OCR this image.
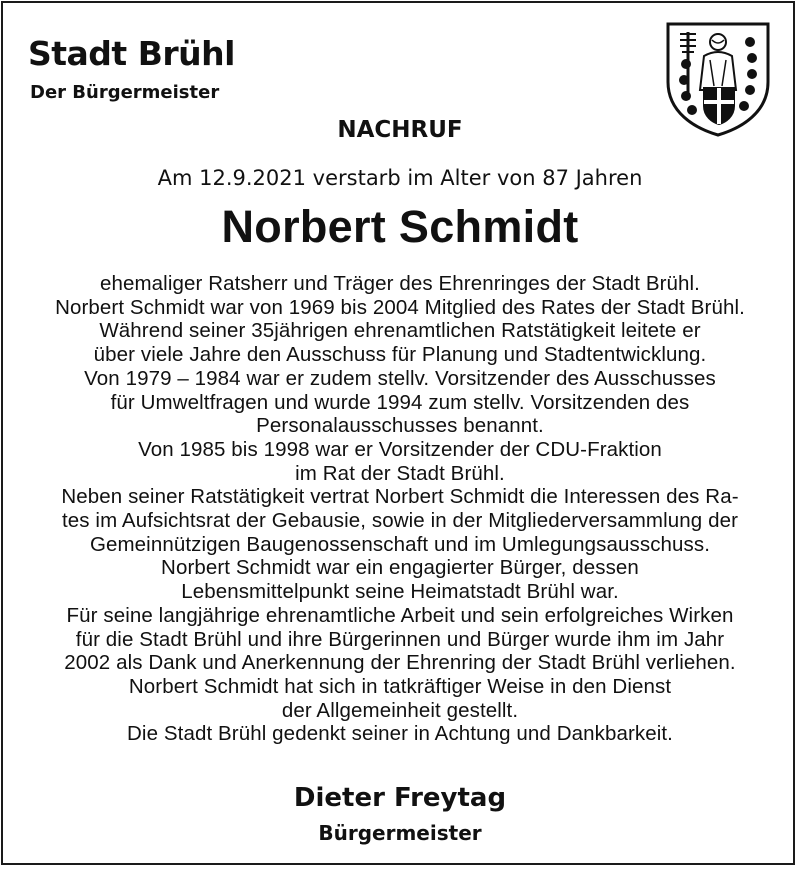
Stadt Brühl
Der Bürgermeister
NACHRUF
Am 12.9.2021 verstarb im Alter von 87 Jahren
Norbert Schmidt
ehemaliger Ratsherr und Träger des Ehrenringes der Stadt Brühl.
Norbert Schmidt war von 1969 bis 2004 Mitglied des Rates der Stadt Brühl.
Während seiner 35jährigen ehrenamtlichen Ratstätigkeit leitete er
über viele Jahre den Ausschuss für Planung und Stadtentwicklung.
Von 1979 – 1984 war er zudem stellv. Vorsitzender des Ausschusses
für Umweltfragen und wurde 1994 zum stellv. Vorsitzenden des
Personalausschusses benannt.
Von 1985 bis 1998 war er Vorsitzender der CDU-Fraktion
im Rat der Stadt Brühl.
Neben seiner Ratstätigkeit vertrat Norbert Schmidt die Interessen des Ra-
tes im Aufsichtsrat der Gebausie, sowie in der Mitgliederversammlung der
Gemeinnützigen Baugenossenschaft und im Umlegungsausschuss.
Norbert Schmidt war ein engagierter Bürger, dessen
Lebensmittelpunkt seine Heimatstadt Brühl war.
Für seine langjährige ehrenamtliche Arbeit und sein erfolgreiches Wirken
für die Stadt Brühl und ihre Bürgerinnen und Bürger wurde ihm im Jahr
2002 als Dank und Anerkennung der Ehrenring der Stadt Brühl verliehen.
Norbert Schmidt hat sich in tatkräftiger Weise in den Dienst
der Allgemeinheit gestellt.
Die Stadt Brühl gedenkt seiner in Achtung und Dankbarkeit.
Dieter Freytag
Bürgermeister
